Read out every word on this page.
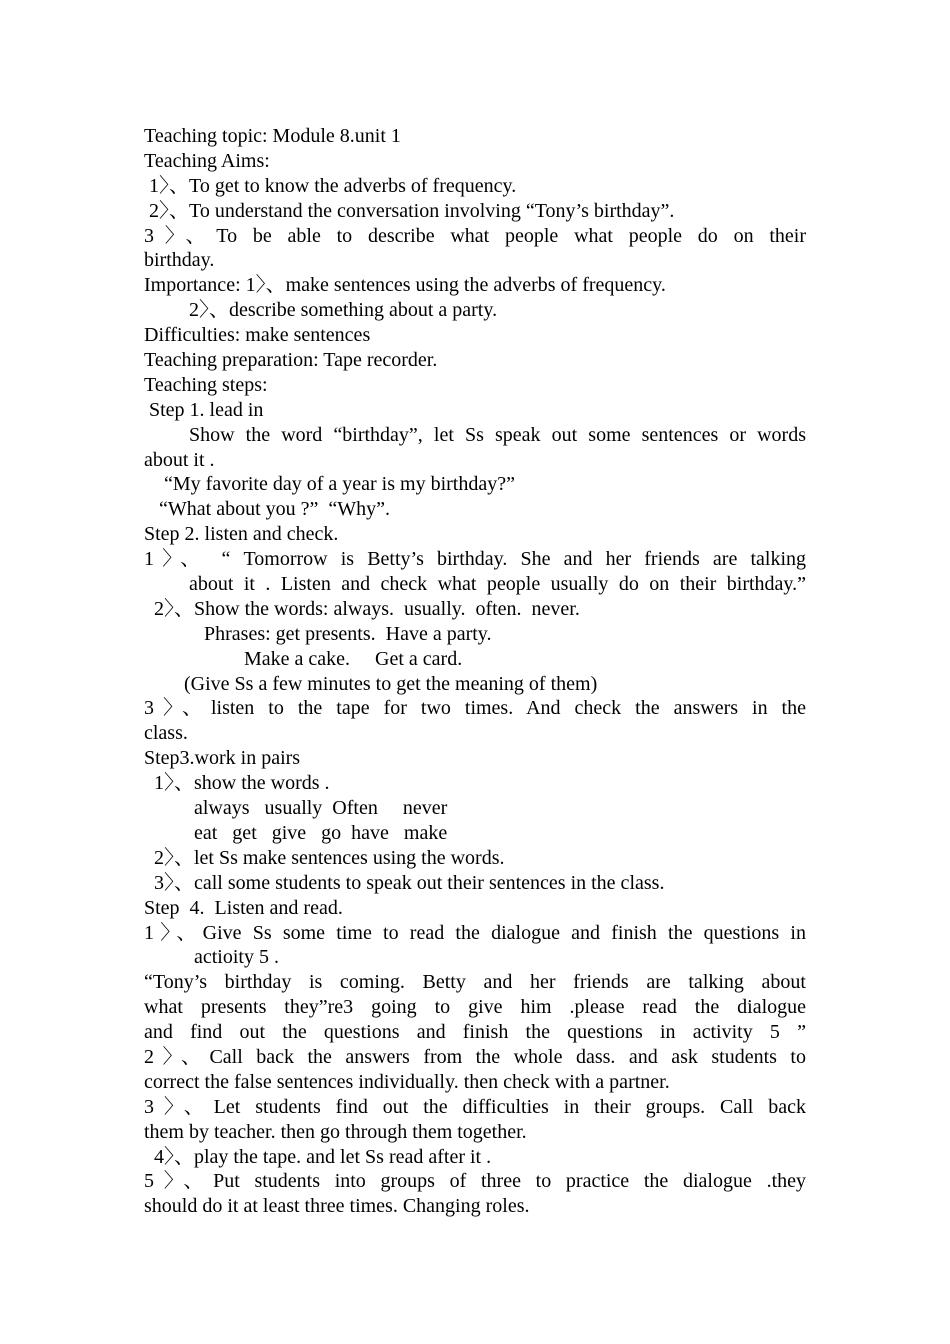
Teaching topic: Module 8.unit 1
Teaching Aims:
1〉、To get to know the adverbs of frequency.
2〉、To understand the conversation involving “Tony’s birthday”.
3〉、To be able to describe what people what people do on their
birthday.
Importance: 1〉、make sentences using the adverbs of frequency.
2〉、describe something about a party.
Difficulties: make sentences
Teaching preparation: Tape recorder.
Teaching steps:
Step 1. lead in
Show the word “birthday”, let Ss speak out some sentences or words
about it .
“My favorite day of a year is my birthday?”
“What about you ?”  “Why”.
Step 2. listen and check.
1〉、 “ Tomorrow is Betty’s birthday. She and her friends are talking
about it . Listen and check what people usually do on their birthday.”
2〉、Show the words: always.  usually.  often.  never.
Phrases: get presents.  Have a party.
Make a cake.     Get a card.
(Give Ss a few minutes to get the meaning of them)
3〉、listen to the tape for two times. And check the answers in the
class.
Step3.work in pairs
1〉、show the words .
always   usually  Often     never
eat   get   give   go  have   make
2〉、let Ss make sentences using the words.
3〉、call some students to speak out their sentences in the class.
Step  4.  Listen and read.
1〉、Give Ss some time to read the dialogue and finish the questions in
actioity 5 .
“Tony’s birthday is coming. Betty and her friends are talking about
what presents they”re3 going to give him .please read the dialogue
and find out the questions and finish the questions in activity 5 ”
2〉、Call back the answers from the whole dass. and ask students to
correct the false sentences individually. then check with a partner.
3〉、Let students find out the difficulties in their groups. Call back
them by teacher. then go through them together.
4〉、play the tape. and let Ss read after it .
5〉、Put students into groups of three to practice the dialogue .they
should do it at least three times. Changing roles.
